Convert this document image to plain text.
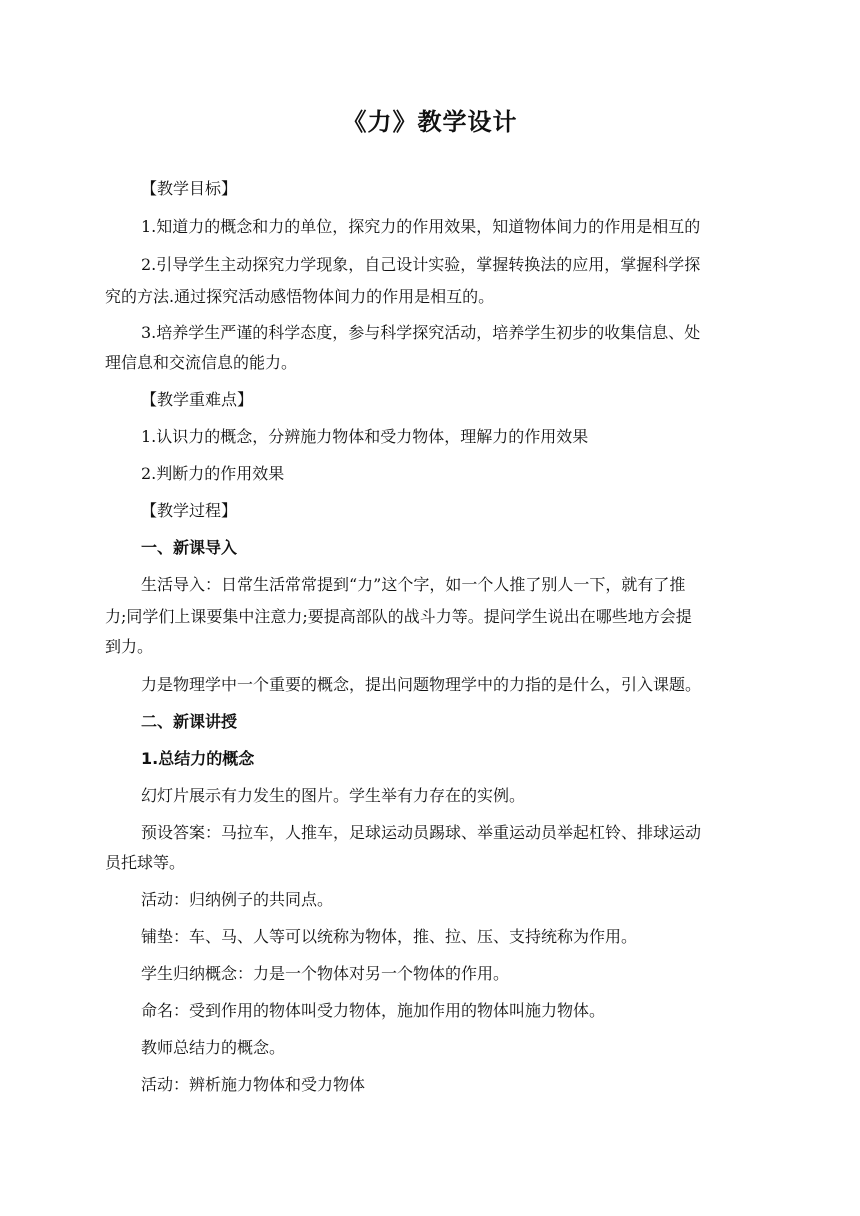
《力》教学设计
【教学目标】
1.知道力的概念和力的单位，探究力的作用效果，知道物体间力的作用是相互的
2.引导学生主动探究力学现象，自己设计实验，掌握转换法的应用，掌握科学探
究的方法.通过探究活动感悟物体间力的作用是相互的。
3.培养学生严谨的科学态度，参与科学探究活动，培养学生初步的收集信息、处
理信息和交流信息的能力。
【教学重难点】
1.认识力的概念，分辨施力物体和受力物体，理解力的作用效果
2.判断力的作用效果
【教学过程】
一、新课导入
生活导入：日常生活常常提到“力”这个字，如一个人推了别人一下，就有了推
力;同学们上课要集中注意力;要提高部队的战斗力等。提问学生说出在哪些地方会提
到力。
力是物理学中一个重要的概念，提出问题物理学中的力指的是什么，引入课题。
二、新课讲授
1.总结力的概念
幻灯片展示有力发生的图片。学生举有力存在的实例。
预设答案：马拉车，人推车，足球运动员踢球、举重运动员举起杠铃、排球运动
员托球等。
活动：归纳例子的共同点。
铺垫：车、马、人等可以统称为物体，推、拉、压、支持统称为作用。
学生归纳概念：力是一个物体对另一个物体的作用。
命名：受到作用的物体叫受力物体，施加作用的物体叫施力物体。
教师总结力的概念。
活动：辨析施力物体和受力物体
